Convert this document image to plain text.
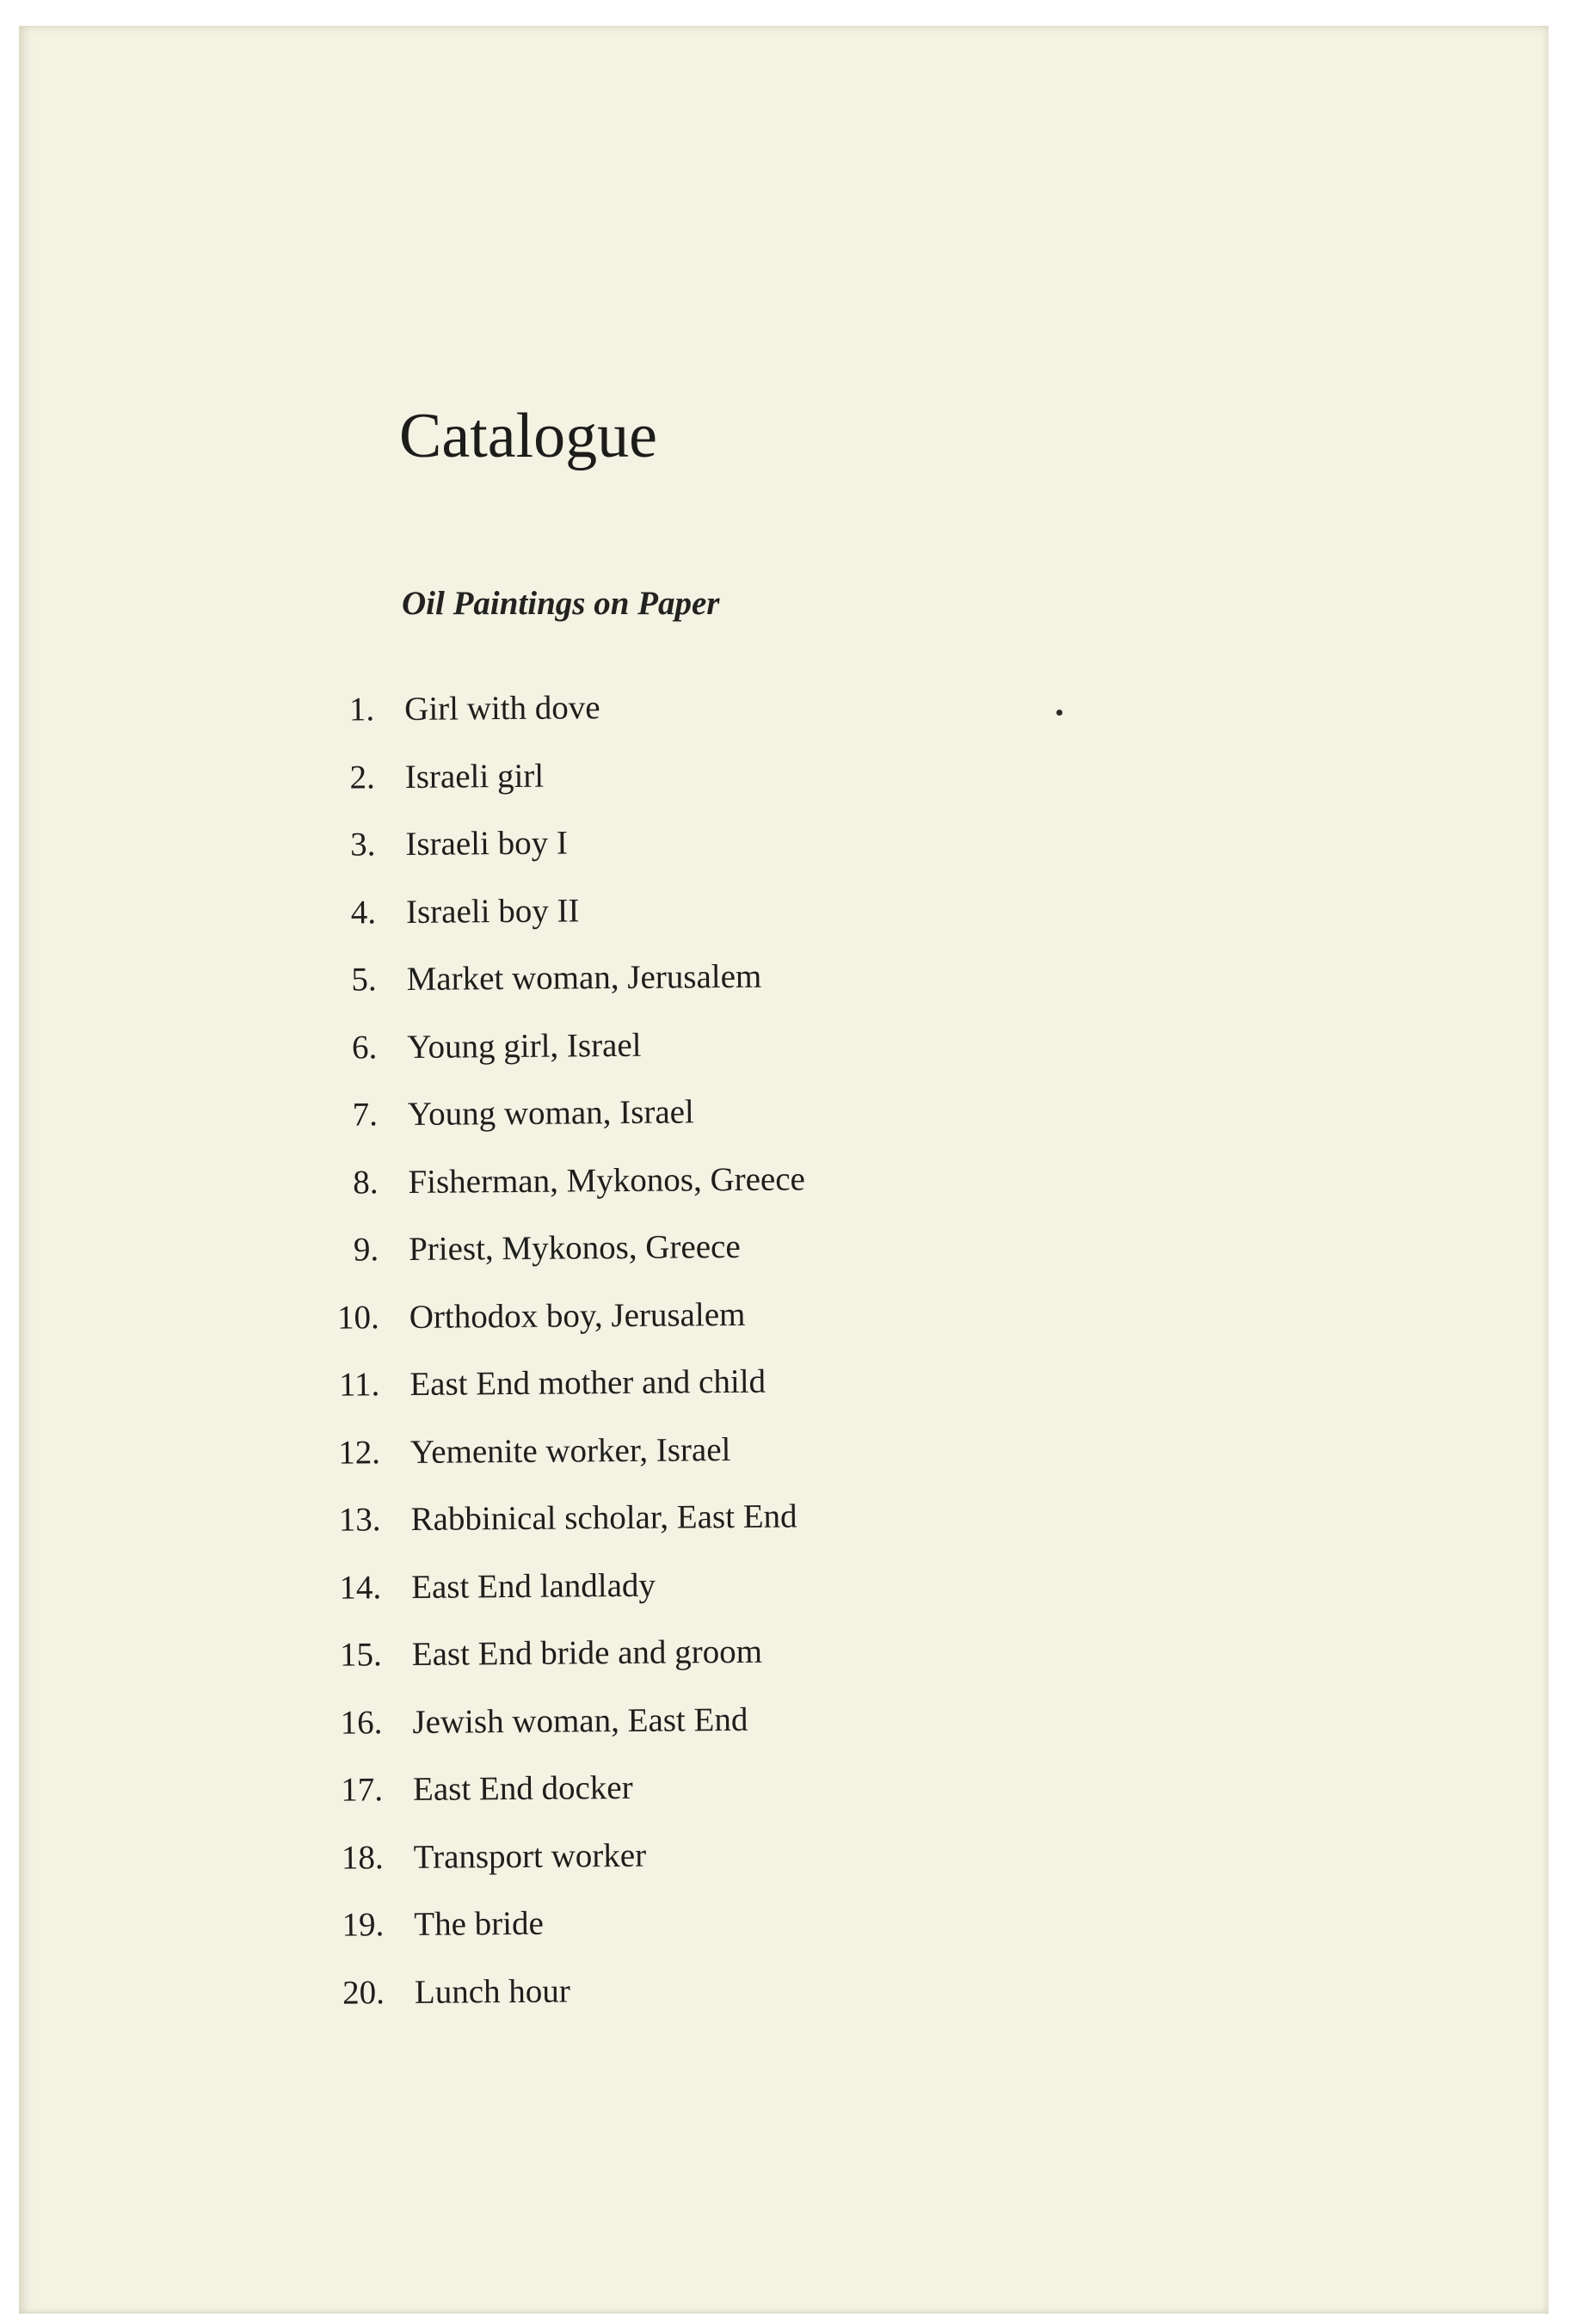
Catalogue
Oil Paintings on Paper
1. Girl with dove
2. Israeli girl
3. Israeli boy I
4. Israeli boy II
5. Market woman, Jerusalem
6. Young girl, Israel
7. Young woman, Israel
8. Fisherman, Mykonos, Greece
9. Priest, Mykonos, Greece
10. Orthodox boy, Jerusalem
11. East End mother and child
12. Yemenite worker, Israel
13. Rabbinical scholar, East End
14. East End landlady
15. East End bride and groom
16. Jewish woman, East End
17. East End docker
18. Transport worker
19. The bride
20. Lunch hour
